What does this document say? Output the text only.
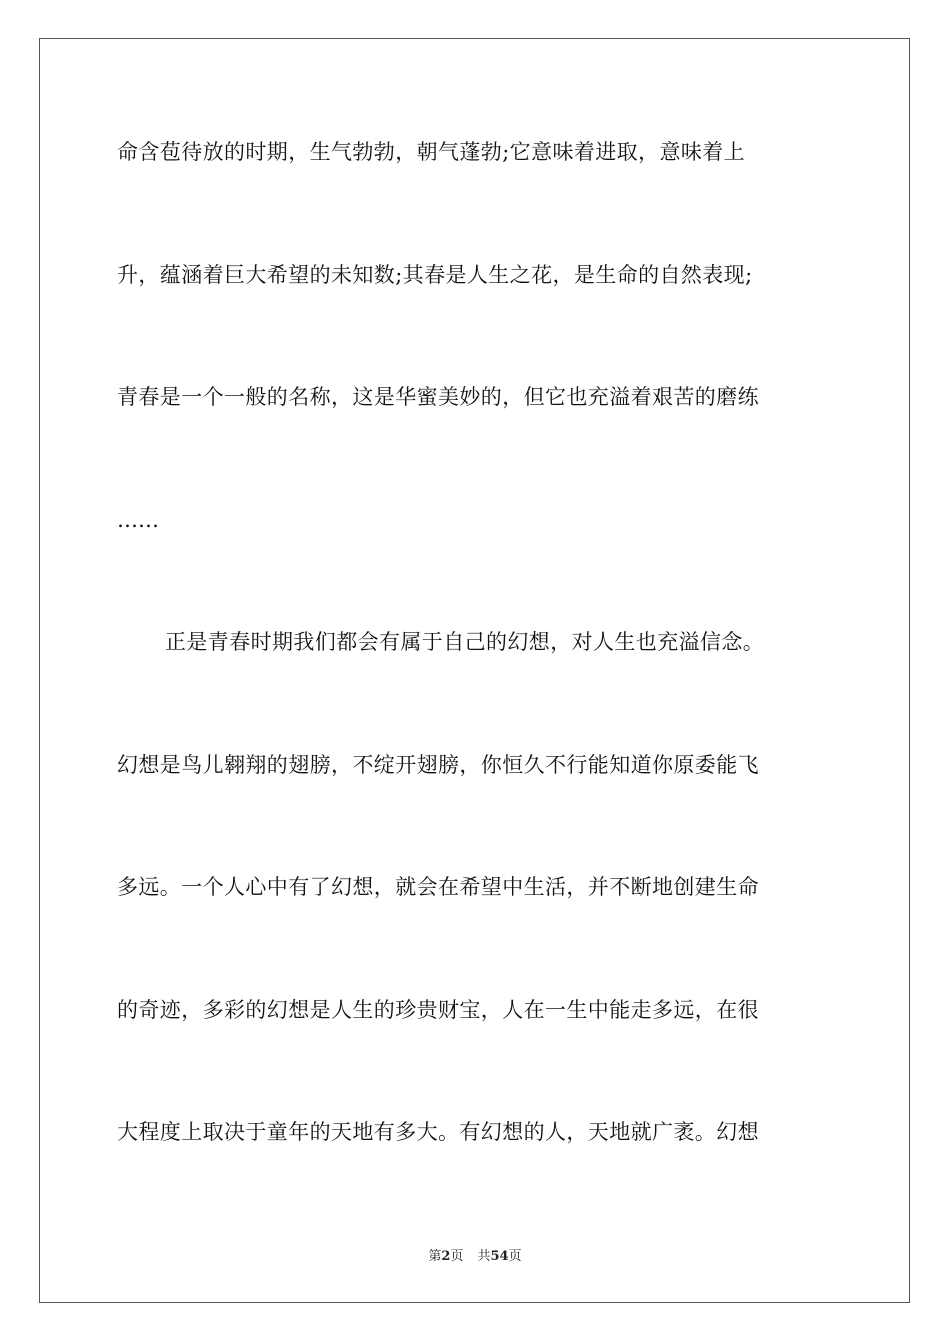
命含苞待放的时期，生气勃勃，朝气蓬勃;它意味着进取，意味着上
升，蕴涵着巨大希望的未知数;其春是人生之花，是生命的自然表现;
青春是一个一般的名称，这是华蜜美妙的，但它也充溢着艰苦的磨练
……
正是青春时期我们都会有属于自己的幻想，对人生也充溢信念。
幻想是鸟儿翱翔的翅膀，不绽开翅膀，你恒久不行能知道你原委能飞
多远。一个人心中有了幻想，就会在希望中生活，并不断地创建生命
的奇迹，多彩的幻想是人生的珍贵财宝，人在一生中能走多远，在很
大程度上取决于童年的天地有多大。有幻想的人，天地就广袤。幻想
第2页 共54页
